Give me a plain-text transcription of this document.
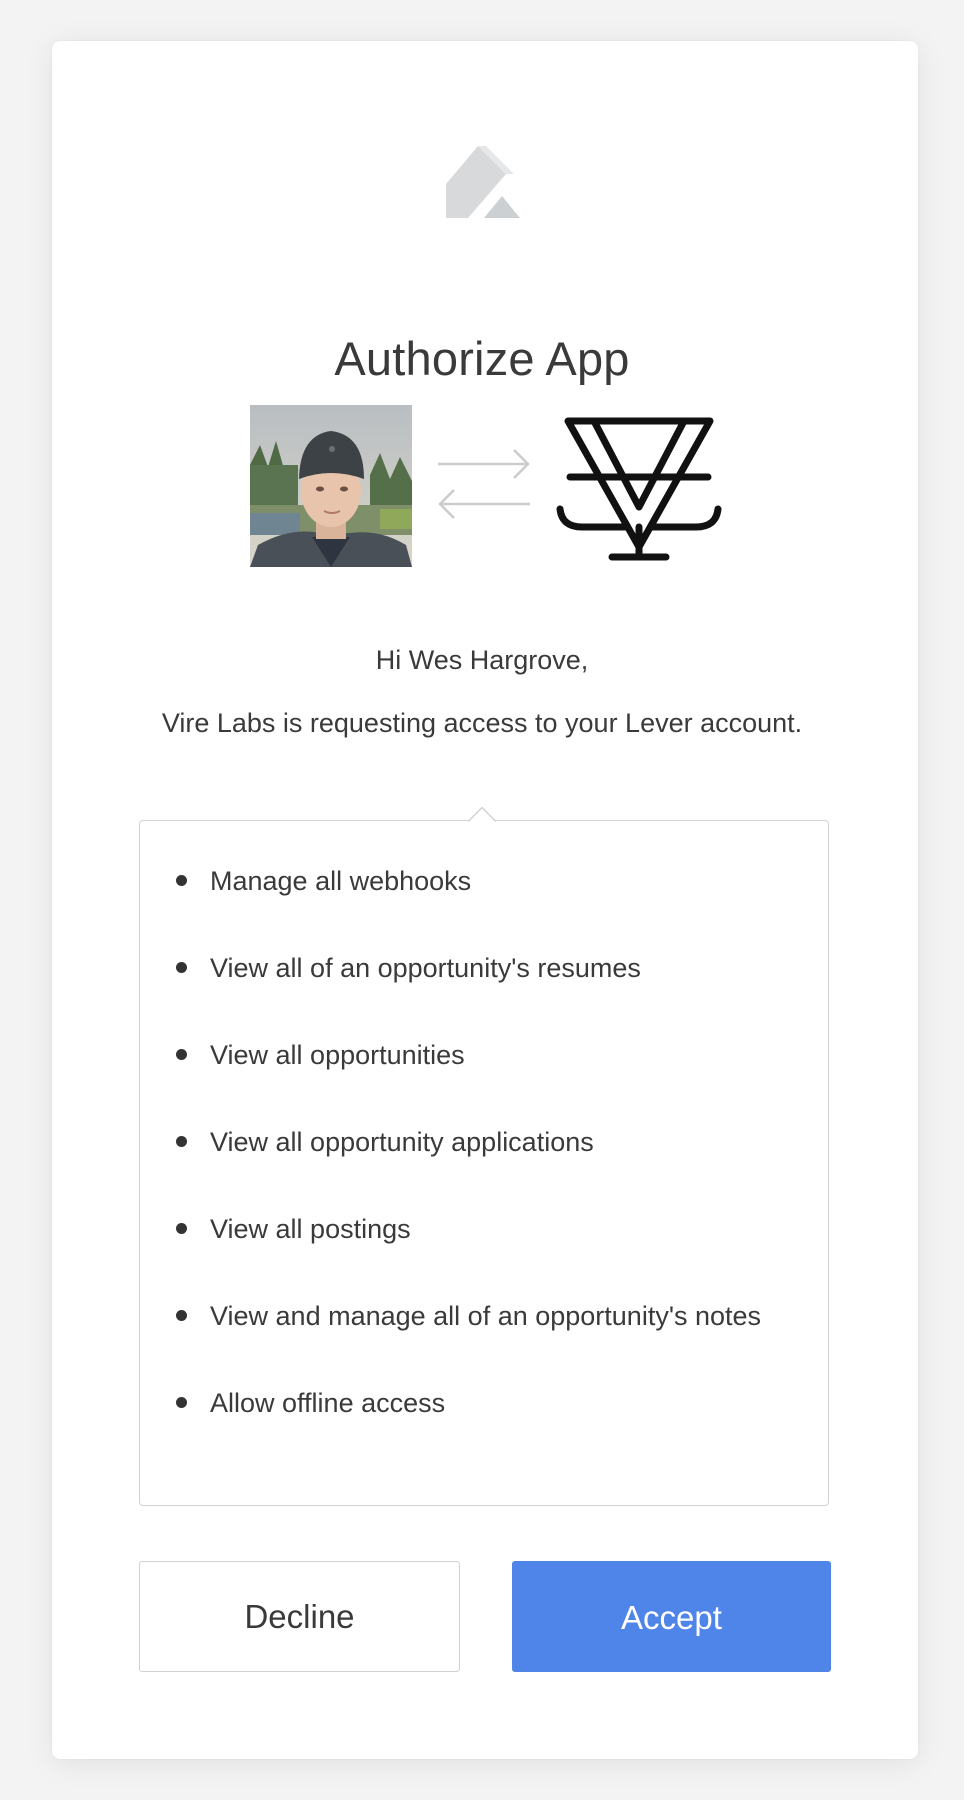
Authorize App
Hi Wes Hargrove,
Vire Labs is requesting access to your Lever account.
Manage all webhooks
View all of an opportunity's resumes
View all opportunities
View all opportunity applications
View all postings
View and manage all of an opportunity's notes
Allow offline access
Decline	Accept
